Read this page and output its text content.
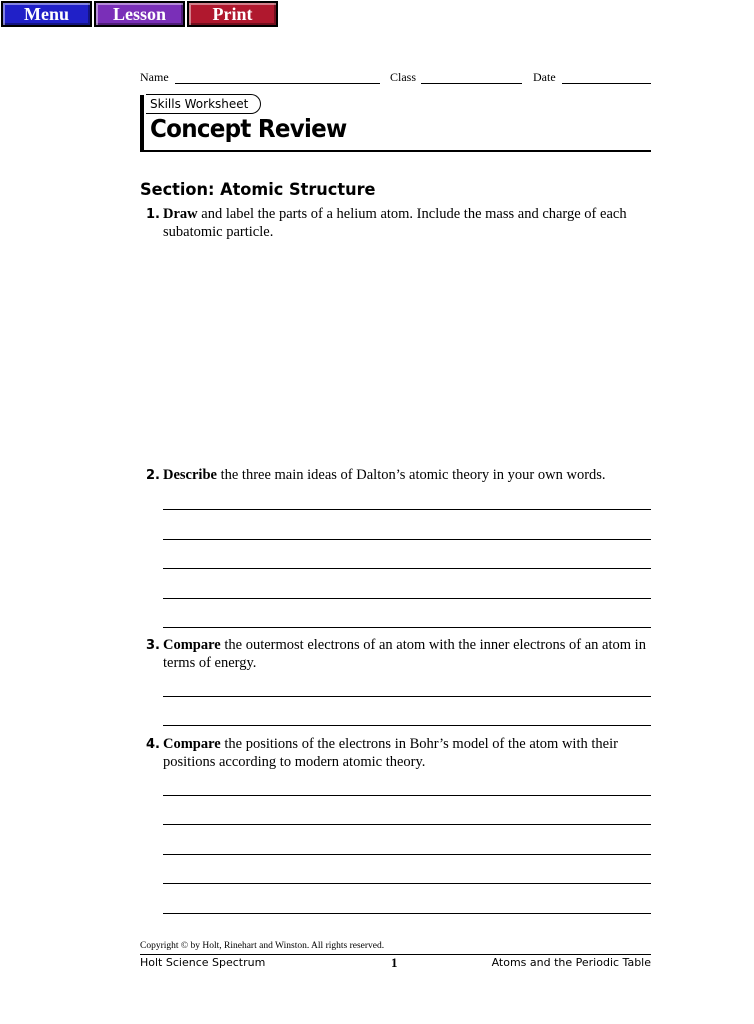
Menu	Lesson	Print
Name	Class	Date
Skills Worksheet
Concept Review
Section: Atomic Structure
1. Draw and label the parts of a helium atom. Include the mass and charge of each subatomic particle.
2. Describe the three main ideas of Dalton’s atomic theory in your own words.
3. Compare the outermost electrons of an atom with the inner electrons of an atom in terms of energy.
4. Compare the positions of the electrons in Bohr’s model of the atom with their positions according to modern atomic theory.
Copyright © by Holt, Rinehart and Winston. All rights reserved.
Holt Science Spectrum	1	Atoms and the Periodic Table
